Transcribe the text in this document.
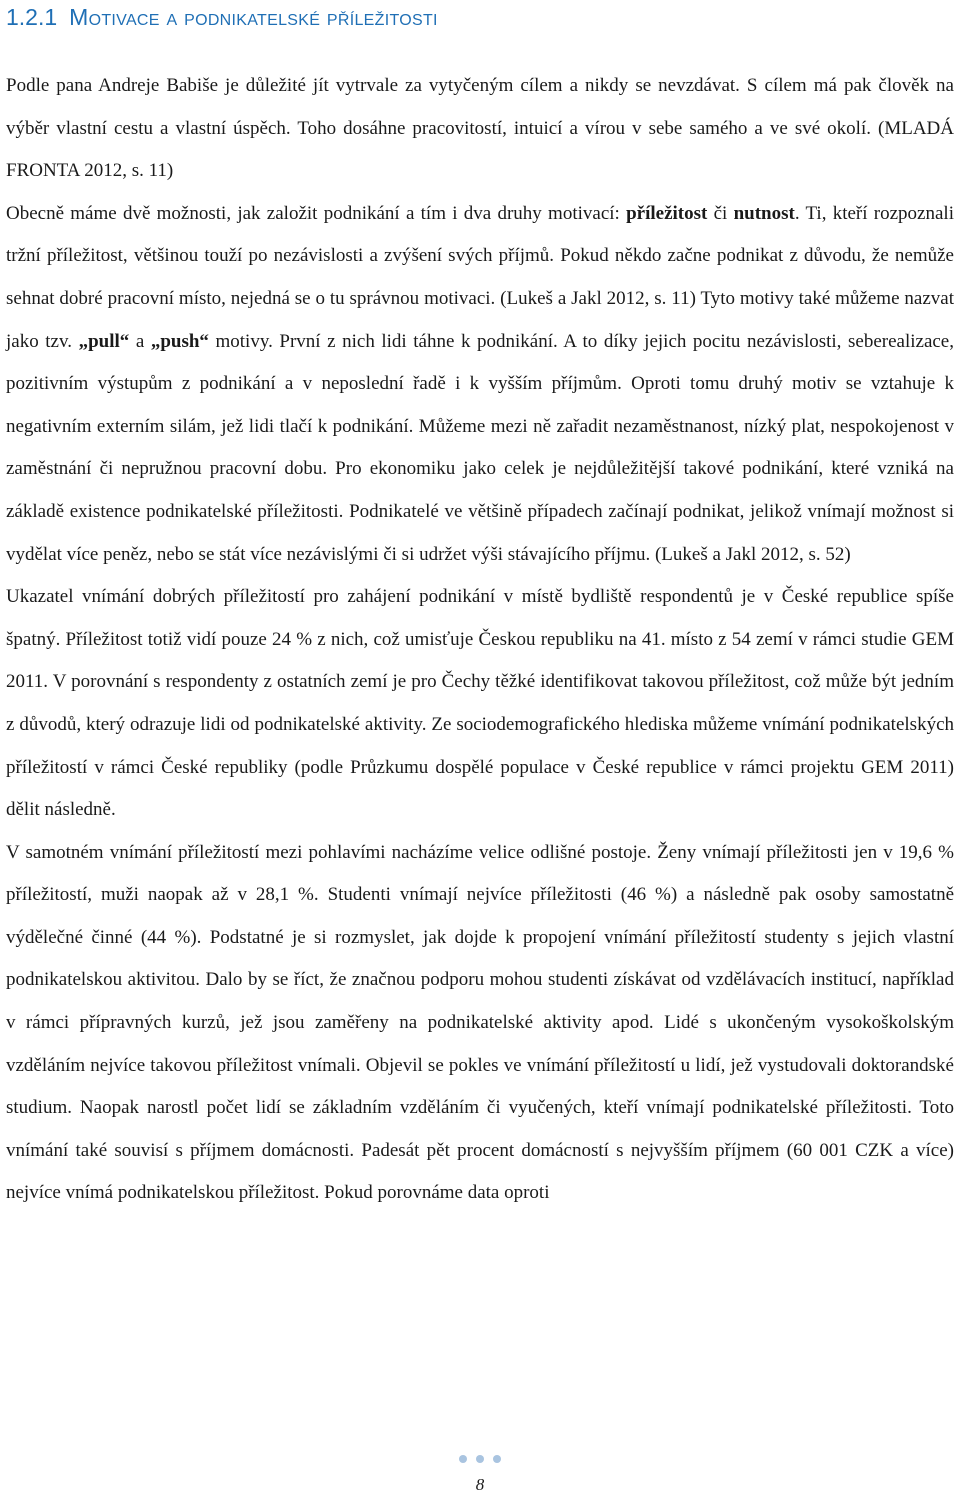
1.2.1 Motivace a podnikatelské příležitosti

Podle pana Andreje Babiše je důležité jít vytrvale za vytyčeným cílem a nikdy se nevzdávat. S cílem má pak člověk na výběr vlastní cestu a vlastní úspěch. Toho dosáhne pracovitostí, intuicí a vírou v sebe samého a ve své okolí. (MLADÁ FRONTA 2012, s. 11)

Obecně máme dvě možnosti, jak založit podnikání a tím i dva druhy motivací: příležitost či nutnost. Ti, kteří rozpoznali tržní příležitost, většinou touží po nezávislosti a zvýšení svých příjmů. Pokud někdo začne podnikat z důvodu, že nemůže sehnat dobré pracovní místo, nejedná se o tu správnou motivaci. (Lukeš a Jakl 2012, s. 11) Tyto motivy také můžeme nazvat jako tzv. „pull“ a „push“ motivy. První z nich lidi táhne k podnikání. A to díky jejich pocitu nezávislosti, seberealizace, pozitivním výstupům z podnikání a v neposlední řadě i k vyšším příjmům. Oproti tomu druhý motiv se vztahuje k negativním externím silám, jež lidi tlačí k podnikání. Můžeme mezi ně zařadit nezaměstnanost, nízký plat, nespokojenost v zaměstnání či nepružnou pracovní dobu. Pro ekonomiku jako celek je nejdůležitější takové podnikání, které vzniká na základě existence podnikatelské příležitosti. Podnikatelé ve většině případech začínají podnikat, jelikož vnímají možnost si vydělat více peněz, nebo se stát více nezávislými či si udržet výši stávajícího příjmu. (Lukeš a Jakl 2012, s. 52)

Ukazatel vnímání dobrých příležitostí pro zahájení podnikání v místě bydliště respondentů je v České republice spíše špatný. Příležitost totiž vidí pouze 24 % z nich, což umisťuje Českou republiku na 41. místo z 54 zemí v rámci studie GEM 2011. V porovnání s respondenty z ostatních zemí je pro Čechy těžké identifikovat takovou příležitost, což může být jedním z důvodů, který odrazuje lidi od podnikatelské aktivity. Ze sociodemografického hlediska můžeme vnímání podnikatelských příležitostí v rámci České republiky (podle Průzkumu dospělé populace v České republice v rámci projektu GEM 2011) dělit následně.

V samotném vnímání příležitostí mezi pohlavími nacházíme velice odlišné postoje. Ženy vnímají příležitosti jen v 19,6 % příležitostí, muži naopak až v 28,1 %. Studenti vnímají nejvíce příležitosti (46 %) a následně pak osoby samostatně výdělečné činné (44 %). Podstatné je si rozmyslet, jak dojde k propojení vnímání příležitostí studenty s jejich vlastní podnikatelskou aktivitou. Dalo by se říct, že značnou podporu mohou studenti získávat od vzdělávacích institucí, například v rámci přípravných kurzů, jež jsou zaměřeny na podnikatelské aktivity apod. Lidé s ukončeným vysokoškolským vzděláním nejvíce takovou příležitost vnímali. Objevil se pokles ve vnímání příležitostí u lidí, jež vystudovali doktorandské studium. Naopak narostl počet lidí se základním vzděláním či vyučených, kteří vnímají podnikatelské příležitosti. Toto vnímání také souvisí s příjmem domácnosti. Padesát pět procent domácností s nejvyšším příjmem (60 001 CZK a více) nejvíce vnímá podnikatelskou příležitost. Pokud porovnáme data oproti

8
